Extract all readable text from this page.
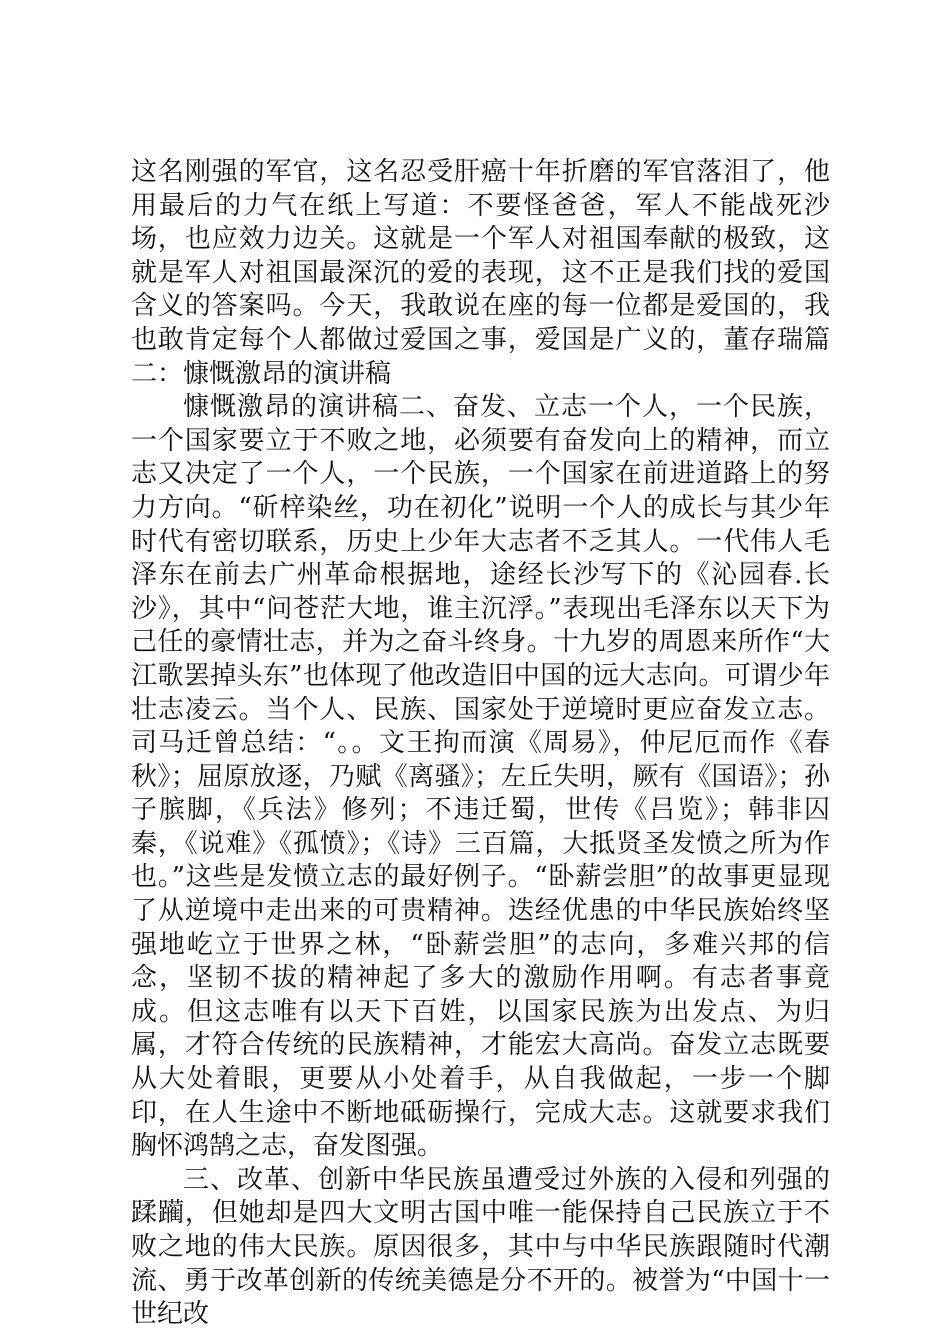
这名刚强的军官，这名忍受肝癌十年折磨的军官落泪了，他用最后的力气在纸上写道：不要怪爸爸，军人不能战死沙场，也应效力边关。这就是一个军人对祖国奉献的极致，这就是军人对祖国最深沉的爱的表现，这不正是我们找的爱国含义的答案吗。今天，我敢说在座的每一位都是爱国的，我也敢肯定每个人都做过爱国之事，爱国是广义的，董存瑞篇二：慷慨激昂的演讲稿

慷慨激昂的演讲稿二、奋发、立志一个人，一个民族，一个国家要立于不败之地，必须要有奋发向上的精神，而立志又决定了一个人，一个民族，一个国家在前进道路上的努力方向。“斫梓染丝，功在初化”说明一个人的成长与其少年时代有密切联系，历史上少年大志者不乏其人。一代伟人毛泽东在前去广州革命根据地，途经长沙写下的《沁园春.长沙》，其中“问苍茫大地，谁主沉浮。”表现出毛泽东以天下为己任的豪情壮志，并为之奋斗终身。十九岁的周恩来所作“大江歌罢掉头东”也体现了他改造旧中国的远大志向。可谓少年壮志凌云。当个人、民族、国家处于逆境时更应奋发立志。司马迁曾总结：“。。文王拘而演《周易》，仲尼厄而作《春秋》；屈原放逐，乃赋《离骚》；左丘失明，厥有《国语》；孙子膑脚，《兵法》修列；不违迁蜀，世传《吕览》；韩非囚秦，《说难》《孤愤》；《诗》三百篇，大抵贤圣发愤之所为作也。”这些是发愤立志的最好例子。“卧薪尝胆”的故事更显现了从逆境中走出来的可贵精神。迭经优患的中华民族始终坚强地屹立于世界之林，“卧薪尝胆”的志向，多难兴邦的信念，坚韧不拔的精神起了多大的激励作用啊。有志者事竟成。但这志唯有以天下百姓，以国家民族为出发点、为归属，才符合传统的民族精神，才能宏大高尚。奋发立志既要从大处着眼，更要从小处着手，从自我做起，一步一个脚印，在人生途中不断地砥砺操行，完成大志。这就要求我们胸怀鸿鹄之志，奋发图强。

三、改革、创新中华民族虽遭受过外族的入侵和列强的蹂躏，但她却是四大文明古国中唯一能保持自己民族立于不败之地的伟大民族。原因很多，其中与中华民族跟随时代潮流、勇于改革创新的传统美德是分不开的。被誉为“中国十一世纪改
